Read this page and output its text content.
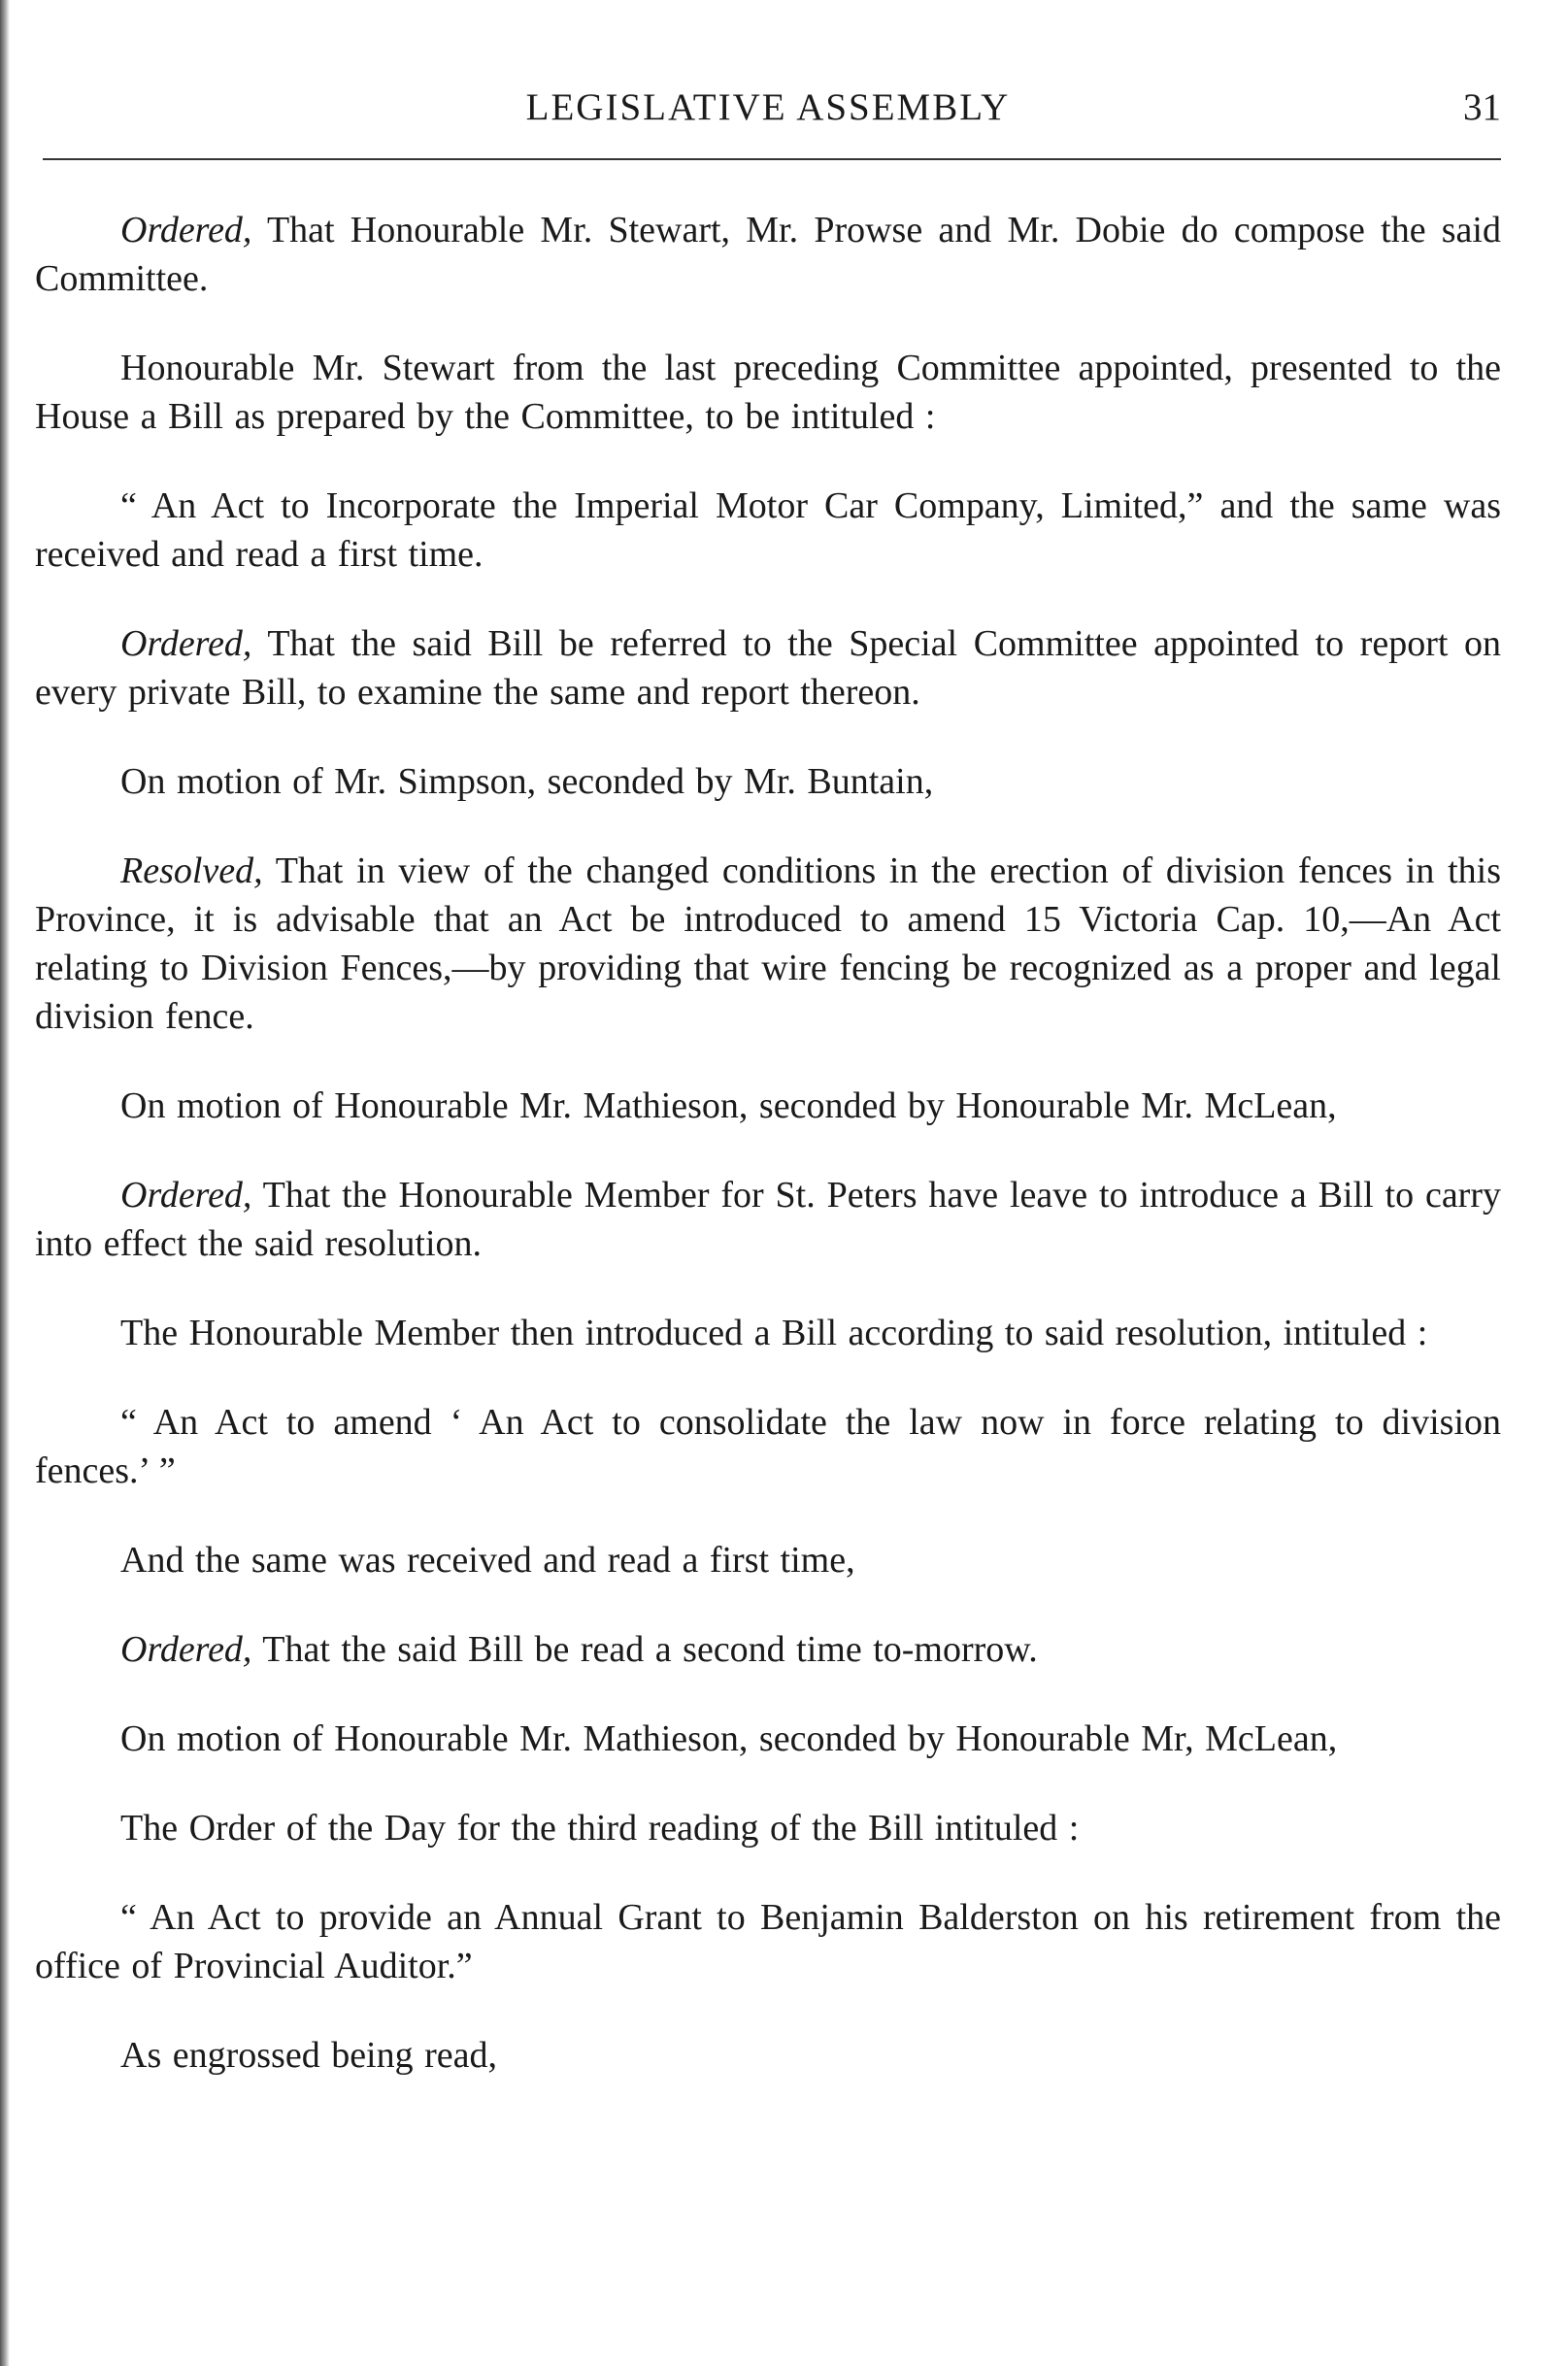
LEGISLATIVE ASSEMBLY	31

Ordered, That Honourable Mr. Stewart, Mr. Prowse and Mr. Dobie do compose the said Committee.

Honourable Mr. Stewart from the last preceding Committee appointed, presented to the House a Bill as prepared by the Committee, to be intituled :

“ An Act to Incorporate the Imperial Motor Car Company, Limited,” and the same was received and read a first time.

Ordered, That the said Bill be referred to the Special Committee appointed to report on every private Bill, to examine the same and report thereon.

On motion of Mr. Simpson, seconded by Mr. Buntain,

Resolved, That in view of the changed conditions in the erection of division fences in this Province, it is advisable that an Act be introduced to amend 15 Victoria Cap. 10,—An Act relating to Division Fences,—by providing that wire fencing be recognized as a proper and legal division fence.

On motion of Honourable Mr. Mathieson, seconded by Honourable Mr. McLean,

Ordered, That the Honourable Member for St. Peters have leave to introduce a Bill to carry into effect the said resolution.

The Honourable Member then introduced a Bill according to said resolution, intituled :

“ An Act to amend ‘ An Act to consolidate the law now in force relating to division fences.’ ”

And the same was received and read a first time,

Ordered, That the said Bill be read a second time to-morrow.

On motion of Honourable Mr. Mathieson, seconded by Honourable Mr, McLean,

The Order of the Day for the third reading of the Bill intituled :

“ An Act to provide an Annual Grant to Benjamin Balderston on his retirement from the office of Provincial Auditor.”

As engrossed being read,
